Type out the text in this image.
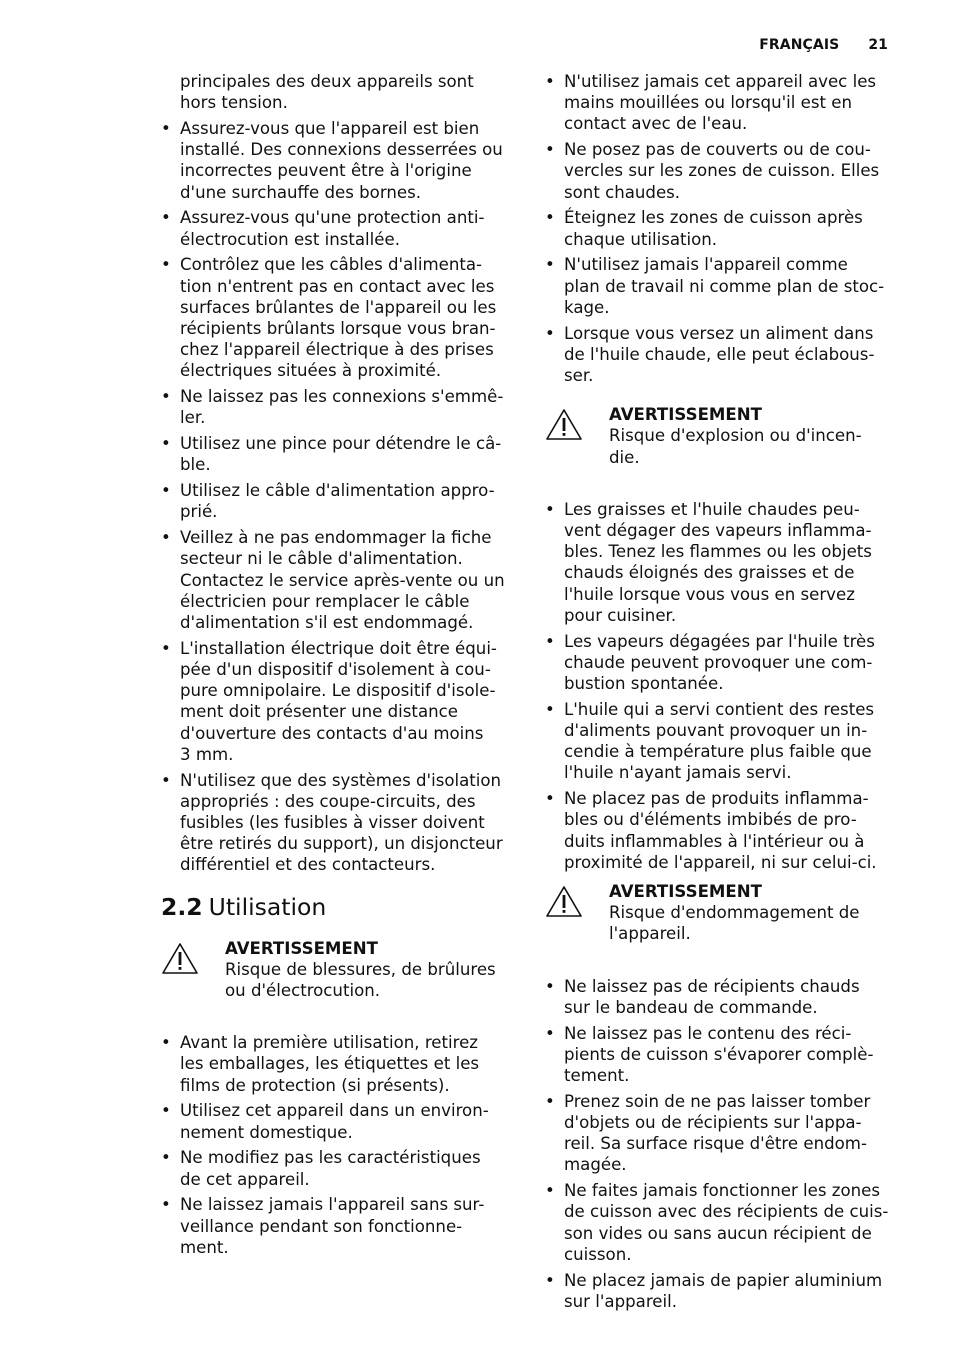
FRANÇAIS 21
principales des deux appareils sont
hors tension.
• Assurez-vous que l'appareil est bien
installé. Des connexions desserrées ou
incorrectes peuvent être à l'origine
d'une surchauffe des bornes.
• Assurez-vous qu'une protection anti-
électrocution est installée.
• Contrôlez que les câbles d'alimenta-
tion n'entrent pas en contact avec les
surfaces brûlantes de l'appareil ou les
récipients brûlants lorsque vous bran-
chez l'appareil électrique à des prises
électriques situées à proximité.
• Ne laissez pas les connexions s'emmê-
ler.
• Utilisez une pince pour détendre le câ-
ble.
• Utilisez le câble d'alimentation appro-
prié.
• Veillez à ne pas endommager la fiche
secteur ni le câble d'alimentation.
Contactez le service après-vente ou un
électricien pour remplacer le câble
d'alimentation s'il est endommagé.
• L'installation électrique doit être équi-
pée d'un dispositif d'isolement à cou-
pure omnipolaire. Le dispositif d'isole-
ment doit présenter une distance
d'ouverture des contacts d'au moins
3 mm.
• N'utilisez que des systèmes d'isolation
appropriés : des coupe-circuits, des
fusibles (les fusibles à visser doivent
être retirés du support), un disjoncteur
différentiel et des contacteurs.
2.2 Utilisation
AVERTISSEMENT
Risque de blessures, de brûlures
ou d'électrocution.
• Avant la première utilisation, retirez
les emballages, les étiquettes et les
films de protection (si présents).
• Utilisez cet appareil dans un environ-
nement domestique.
• Ne modifiez pas les caractéristiques
de cet appareil.
• Ne laissez jamais l'appareil sans sur-
veillance pendant son fonctionne-
ment.
• N'utilisez jamais cet appareil avec les
mains mouillées ou lorsqu'il est en
contact avec de l'eau.
• Ne posez pas de couverts ou de cou-
vercles sur les zones de cuisson. Elles
sont chaudes.
• Éteignez les zones de cuisson après
chaque utilisation.
• N'utilisez jamais l'appareil comme
plan de travail ni comme plan de stoc-
kage.
• Lorsque vous versez un aliment dans
de l'huile chaude, elle peut éclabous-
ser.
AVERTISSEMENT
Risque d'explosion ou d'incen-
die.
• Les graisses et l'huile chaudes peu-
vent dégager des vapeurs inflamma-
bles. Tenez les flammes ou les objets
chauds éloignés des graisses et de
l'huile lorsque vous vous en servez
pour cuisiner.
• Les vapeurs dégagées par l'huile très
chaude peuvent provoquer une com-
bustion spontanée.
• L'huile qui a servi contient des restes
d'aliments pouvant provoquer un in-
cendie à température plus faible que
l'huile n'ayant jamais servi.
• Ne placez pas de produits inflamma-
bles ou d'éléments imbibés de pro-
duits inflammables à l'intérieur ou à
proximité de l'appareil, ni sur celui-ci.
AVERTISSEMENT
Risque d'endommagement de
l'appareil.
• Ne laissez pas de récipients chauds
sur le bandeau de commande.
• Ne laissez pas le contenu des réci-
pients de cuisson s'évaporer complè-
tement.
• Prenez soin de ne pas laisser tomber
d'objets ou de récipients sur l'appa-
reil. Sa surface risque d'être endom-
magée.
• Ne faites jamais fonctionner les zones
de cuisson avec des récipients de cuis-
son vides ou sans aucun récipient de
cuisson.
• Ne placez jamais de papier aluminium
sur l'appareil.
